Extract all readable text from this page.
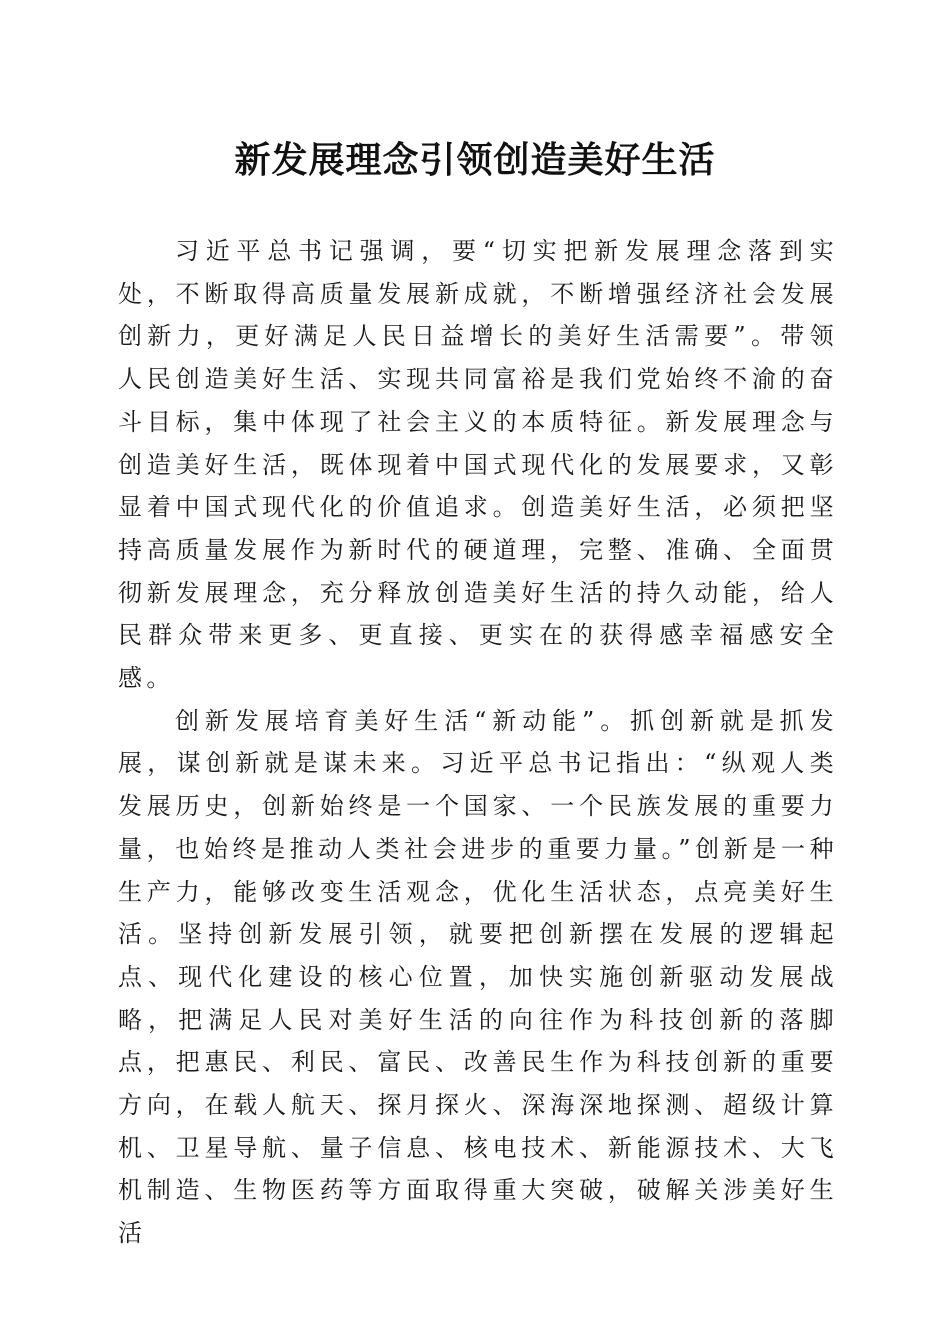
新发展理念引领创造美好生活

习近平总书记强调，要“切实把新发展理念落到实处，不断取得高质量发展新成就，不断增强经济社会发展创新力，更好满足人民日益增长的美好生活需要”。带领人民创造美好生活、实现共同富裕是我们党始终不渝的奋斗目标，集中体现了社会主义的本质特征。新发展理念与创造美好生活，既体现着中国式现代化的发展要求，又彰显着中国式现代化的价值追求。创造美好生活，必须把坚持高质量发展作为新时代的硬道理，完整、准确、全面贯彻新发展理念，充分释放创造美好生活的持久动能，给人民群众带来更多、更直接、更实在的获得感幸福感安全感。

创新发展培育美好生活“新动能”。抓创新就是抓发展，谋创新就是谋未来。习近平总书记指出：“纵观人类发展历史，创新始终是一个国家、一个民族发展的重要力量，也始终是推动人类社会进步的重要力量。”创新是一种生产力，能够改变生活观念，优化生活状态，点亮美好生活。坚持创新发展引领，就要把创新摆在发展的逻辑起点、现代化建设的核心位置，加快实施创新驱动发展战略，把满足人民对美好生活的向往作为科技创新的落脚点，把惠民、利民、富民、改善民生作为科技创新的重要方向，在载人航天、探月探火、深海深地探测、超级计算机、卫星导航、量子信息、核电技术、新能源技术、大飞机制造、生物医药等方面取得重大突破，破解关涉美好生活
